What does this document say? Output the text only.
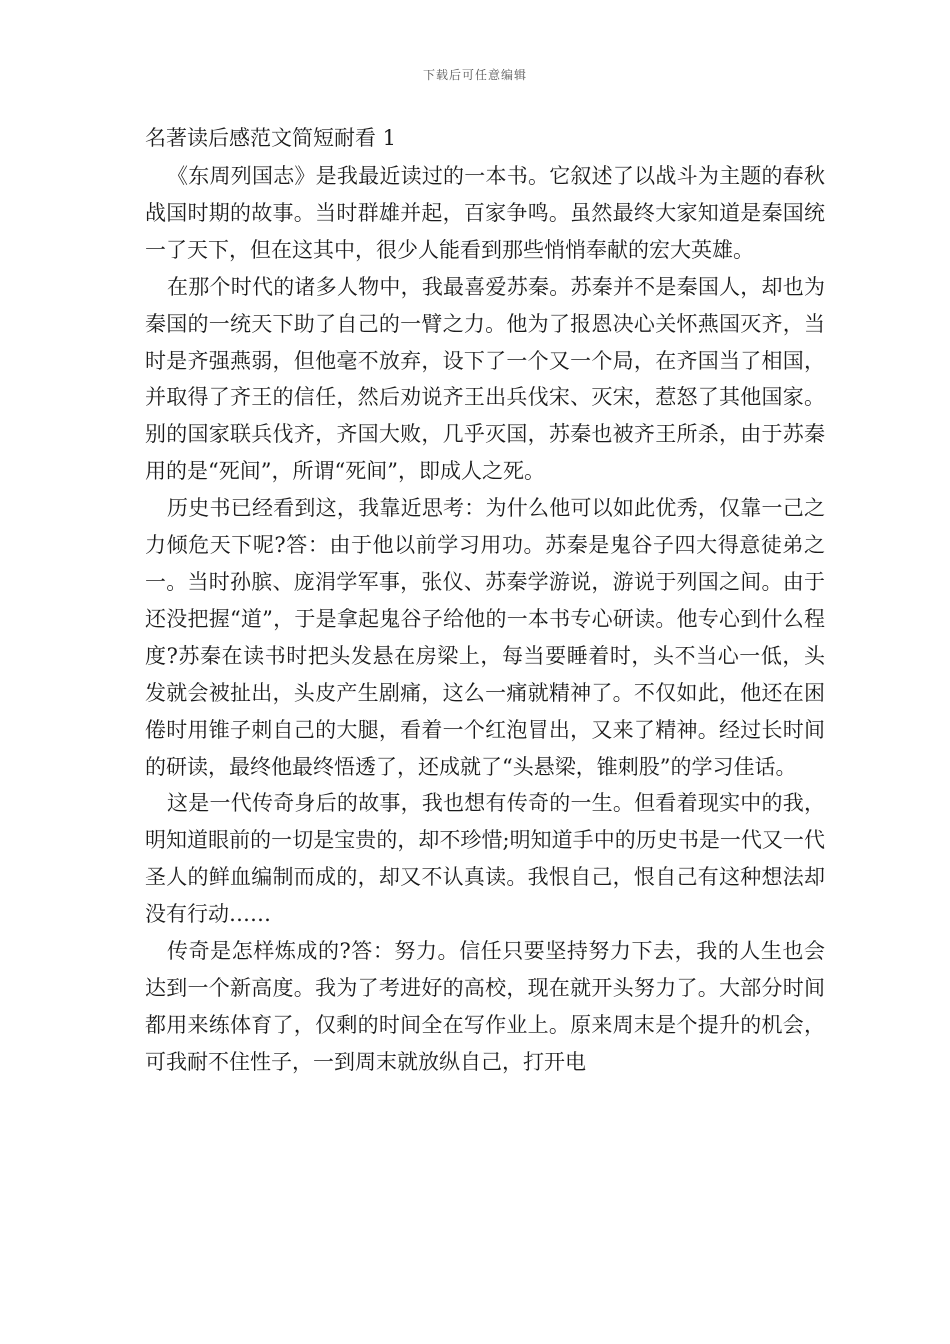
下载后可任意编辑
名著读后感范文简短耐看 1

《东周列国志》是我最近读过的一本书。它叙述了以战斗为主题的春秋战国时期的故事。当时群雄并起，百家争鸣。虽然最终大家知道是秦国统一了天下，但在这其中，很少人能看到那些悄悄奉献的宏大英雄。

在那个时代的诸多人物中，我最喜爱苏秦。苏秦并不是秦国人，却也为秦国的一统天下助了自己的一臂之力。他为了报恩决心关怀燕国灭齐，当时是齐强燕弱，但他毫不放弃，设下了一个又一个局，在齐国当了相国，并取得了齐王的信任，然后劝说齐王出兵伐宋、灭宋，惹怒了其他国家。别的国家联兵伐齐，齐国大败，几乎灭国，苏秦也被齐王所杀，由于苏秦用的是“死间”，所谓“死间”，即成人之死。

历史书已经看到这，我靠近思考：为什么他可以如此优秀，仅靠一己之力倾危天下呢?答：由于他以前学习用功。苏秦是鬼谷子四大得意徒弟之一。当时孙膑、庞涓学军事，张仪、苏秦学游说，游说于列国之间。由于还没把握“道”，于是拿起鬼谷子给他的一本书专心研读。他专心到什么程度?苏秦在读书时把头发悬在房梁上，每当要睡着时，头不当心一低，头发就会被扯出，头皮产生剧痛，这么一痛就精神了。不仅如此，他还在困倦时用锥子刺自己的大腿，看着一个红泡冒出，又来了精神。经过长时间的研读，最终他最终悟透了，还成就了“头悬梁，锥刺股”的学习佳话。

这是一代传奇身后的故事，我也想有传奇的一生。但看着现实中的我，明知道眼前的一切是宝贵的，却不珍惜;明知道手中的历史书是一代又一代圣人的鲜血编制而成的，却又不认真读。我恨自己，恨自己有这种想法却没有行动……

传奇是怎样炼成的?答：努力。信任只要坚持努力下去，我的人生也会达到一个新高度。我为了考进好的高校，现在就开头努力了。大部分时间都用来练体育了，仅剩的时间全在写作业上。原来周末是个提升的机会，可我耐不住性子，一到周末就放纵自己，打开电
